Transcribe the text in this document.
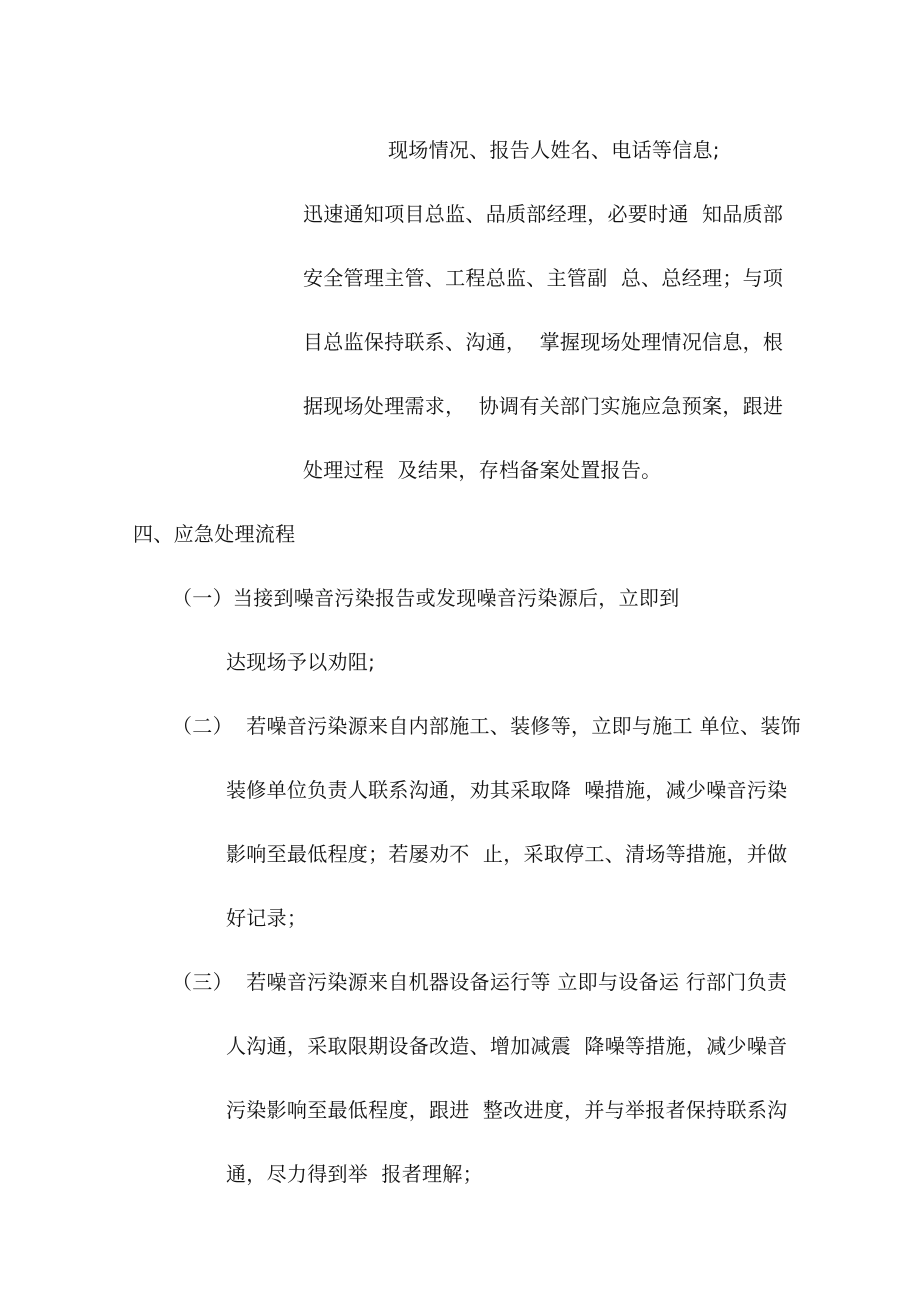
现场情况、报告人姓名、电话等信息;
迅速通知项目总监、品质部经理，必要时通  知品质部
安全管理主管、工程总监、主管副  总、总经理；与项
目总监保持联系、沟通，  掌握现场处理情况信息，根
据现场处理需求，  协调有关部门实施应急预案，跟进
处理过程  及结果，存档备案处置报告。
四、应急处理流程
（一）当接到噪音污染报告或发现噪音污染源后，立即到
达现场予以劝阻;
（二）  若噪音污染源来自内部施工、装修等，立即与施工 单位、装饰
装修单位负责人联系沟通，劝其采取降  噪措施，减少噪音污染
影响至最低程度；若屡劝不  止，采取停工、清场等措施，并做
好记录；
（三）  若噪音污染源来自机器设备运行等 立即与设备运 行部门负责
人沟通，采取限期设备改造、增加减震  降噪等措施，减少噪音
污染影响至最低程度，跟进  整改进度，并与举报者保持联系沟
通，尽力得到举  报者理解；
